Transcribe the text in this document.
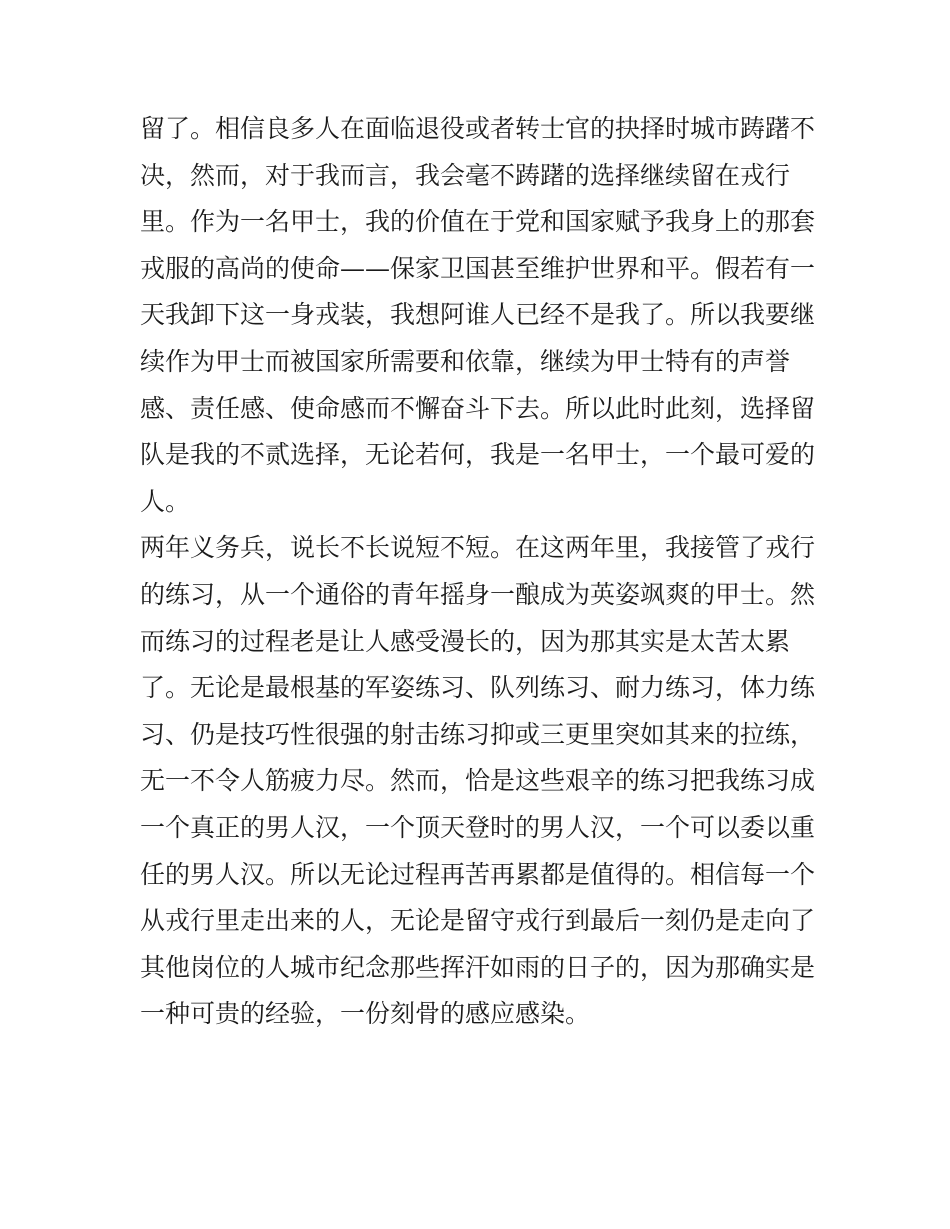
留了。相信良多人在面临退役或者转士官的抉择时城市踌躇不
决，然而，对于我而言，我会毫不踌躇的选择继续留在戎行
里。作为一名甲士，我的价值在于党和国家赋予我身上的那套
戎服的高尚的使命——保家卫国甚至维护世界和平。假若有一
天我卸下这一身戎装，我想阿谁人已经不是我了。所以我要继
续作为甲士而被国家所需要和依靠，继续为甲士特有的声誉
感、责任感、使命感而不懈奋斗下去。所以此时此刻，选择留
队是我的不贰选择，无论若何，我是一名甲士，一个最可爱的
人。
两年义务兵，说长不长说短不短。在这两年里，我接管了戎行
的练习，从一个通俗的青年摇身一酿成为英姿飒爽的甲士。然
而练习的过程老是让人感受漫长的，因为那其实是太苦太累
了。无论是最根基的军姿练习、队列练习、耐力练习，体力练
习、仍是技巧性很强的射击练习抑或三更里突如其来的拉练，
无一不令人筋疲力尽。然而，恰是这些艰辛的练习把我练习成
一个真正的男人汉，一个顶天登时的男人汉，一个可以委以重
任的男人汉。所以无论过程再苦再累都是值得的。相信每一个
从戎行里走出来的人，无论是留守戎行到最后一刻仍是走向了
其他岗位的人城市纪念那些挥汗如雨的日子的，因为那确实是
一种可贵的经验，一份刻骨的感应感染。
